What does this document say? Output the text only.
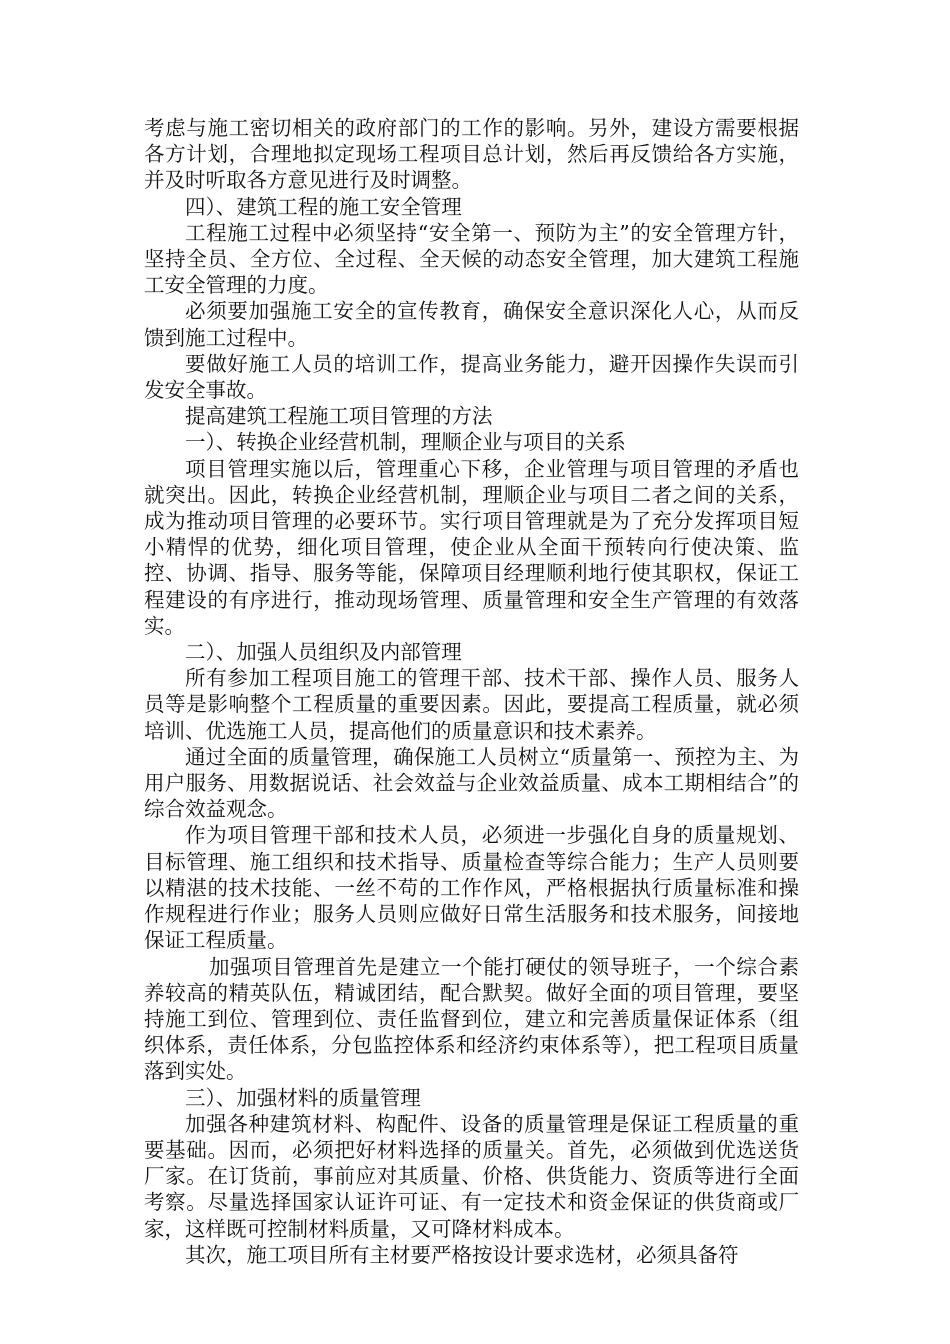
考虑与施工密切相关的政府部门的工作的影响。另外，建设方需要根据各方计划，合理地拟定现场工程项目总计划，然后再反馈给各方实施，并及时听取各方意见进行及时调整。

四）、建筑工程的施工安全管理

工程施工过程中必须坚持“安全第一、预防为主”的安全管理方针，坚持全员、全方位、全过程、全天候的动态安全管理，加大建筑工程施工安全管理的力度。

必须要加强施工安全的宣传教育，确保安全意识深化人心，从而反馈到施工过程中。

要做好施工人员的培训工作，提高业务能力，避开因操作失误而引发安全事故。

提高建筑工程施工项目管理的方法

一）、转换企业经营机制，理顺企业与项目的关系

项目管理实施以后，管理重心下移，企业管理与项目管理的矛盾也就突出。因此，转换企业经营机制，理顺企业与项目二者之间的关系，成为推动项目管理的必要环节。实行项目管理就是为了充分发挥项目短小精悍的优势，细化项目管理，使企业从全面干预转向行使决策、监控、协调、指导、服务等能，保障项目经理顺利地行使其职权，保证工程建设的有序进行，推动现场管理、质量管理和安全生产管理的有效落实。

二）、加强人员组织及内部管理

所有参加工程项目施工的管理干部、技术干部、操作人员、服务人员等是影响整个工程质量的重要因素。因此，要提高工程质量，就必须培训、优选施工人员，提高他们的质量意识和技术素养。

通过全面的质量管理，确保施工人员树立“质量第一、预控为主、为用户服务、用数据说话、社会效益与企业效益质量、成本工期相结合”的综合效益观念。

作为项目管理干部和技术人员，必须进一步强化自身的质量规划、目标管理、施工组织和技术指导、质量检查等综合能力；生产人员则要以精湛的技术技能、一丝不苟的工作作风，严格根据执行质量标准和操作规程进行作业；服务人员则应做好日常生活服务和技术服务，间接地保证工程质量。

加强项目管理首先是建立一个能打硬仗的领导班子，一个综合素养较高的精英队伍，精诚团结，配合默契。做好全面的项目管理，要坚持施工到位、管理到位、责任监督到位，建立和完善质量保证体系（组织体系，责任体系，分包监控体系和经济约束体系等），把工程项目质量落到实处。

三）、加强材料的质量管理

加强各种建筑材料、构配件、设备的质量管理是保证工程质量的重要基础。因而，必须把好材料选择的质量关。首先，必须做到优选送货厂家。在订货前，事前应对其质量、价格、供货能力、资质等进行全面考察。尽量选择国家认证许可证、有一定技术和资金保证的供货商或厂家，这样既可控制材料质量，又可降材料成本。

其次，施工项目所有主材要严格按设计要求选材，必须具备符
